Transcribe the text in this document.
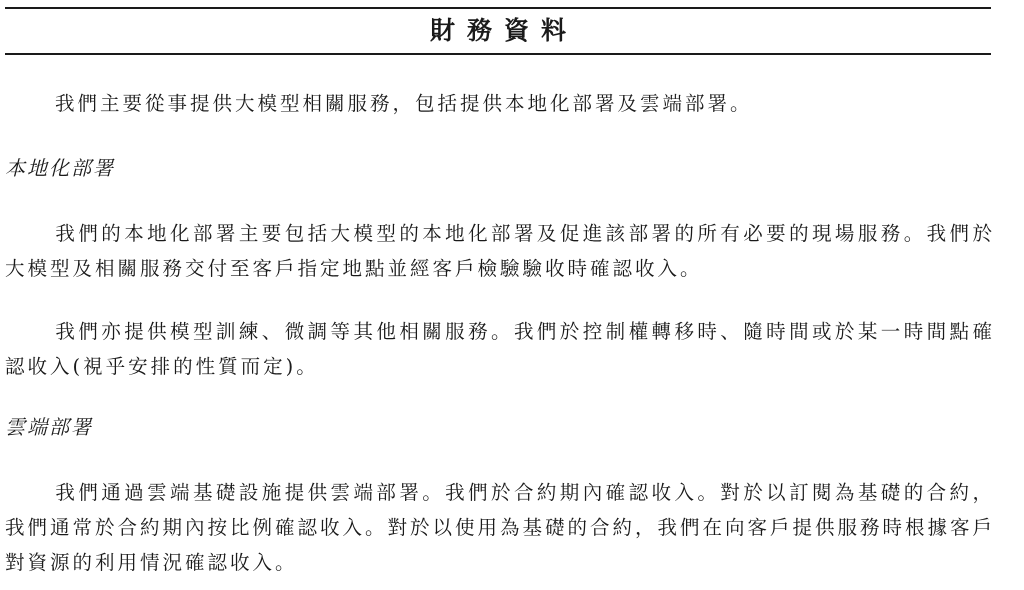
財務資料

我們主要從事提供大模型相關服務，包括提供本地化部署及雲端部署。

本地化部署

我們的本地化部署主要包括大模型的本地化部署及促進該部署的所有必要的現場服務。我們於大模型及相關服務交付至客戶指定地點並經客戶檢驗驗收時確認收入。

我們亦提供模型訓練、微調等其他相關服務。我們於控制權轉移時、隨時間或於某一時間點確認收入(視乎安排的性質而定)。

雲端部署

我們通過雲端基礎設施提供雲端部署。我們於合約期內確認收入。對於以訂閱為基礎的合約，我們通常於合約期內按比例確認收入。對於以使用為基礎的合約，我們在向客戶提供服務時根據客戶對資源的利用情況確認收入。
